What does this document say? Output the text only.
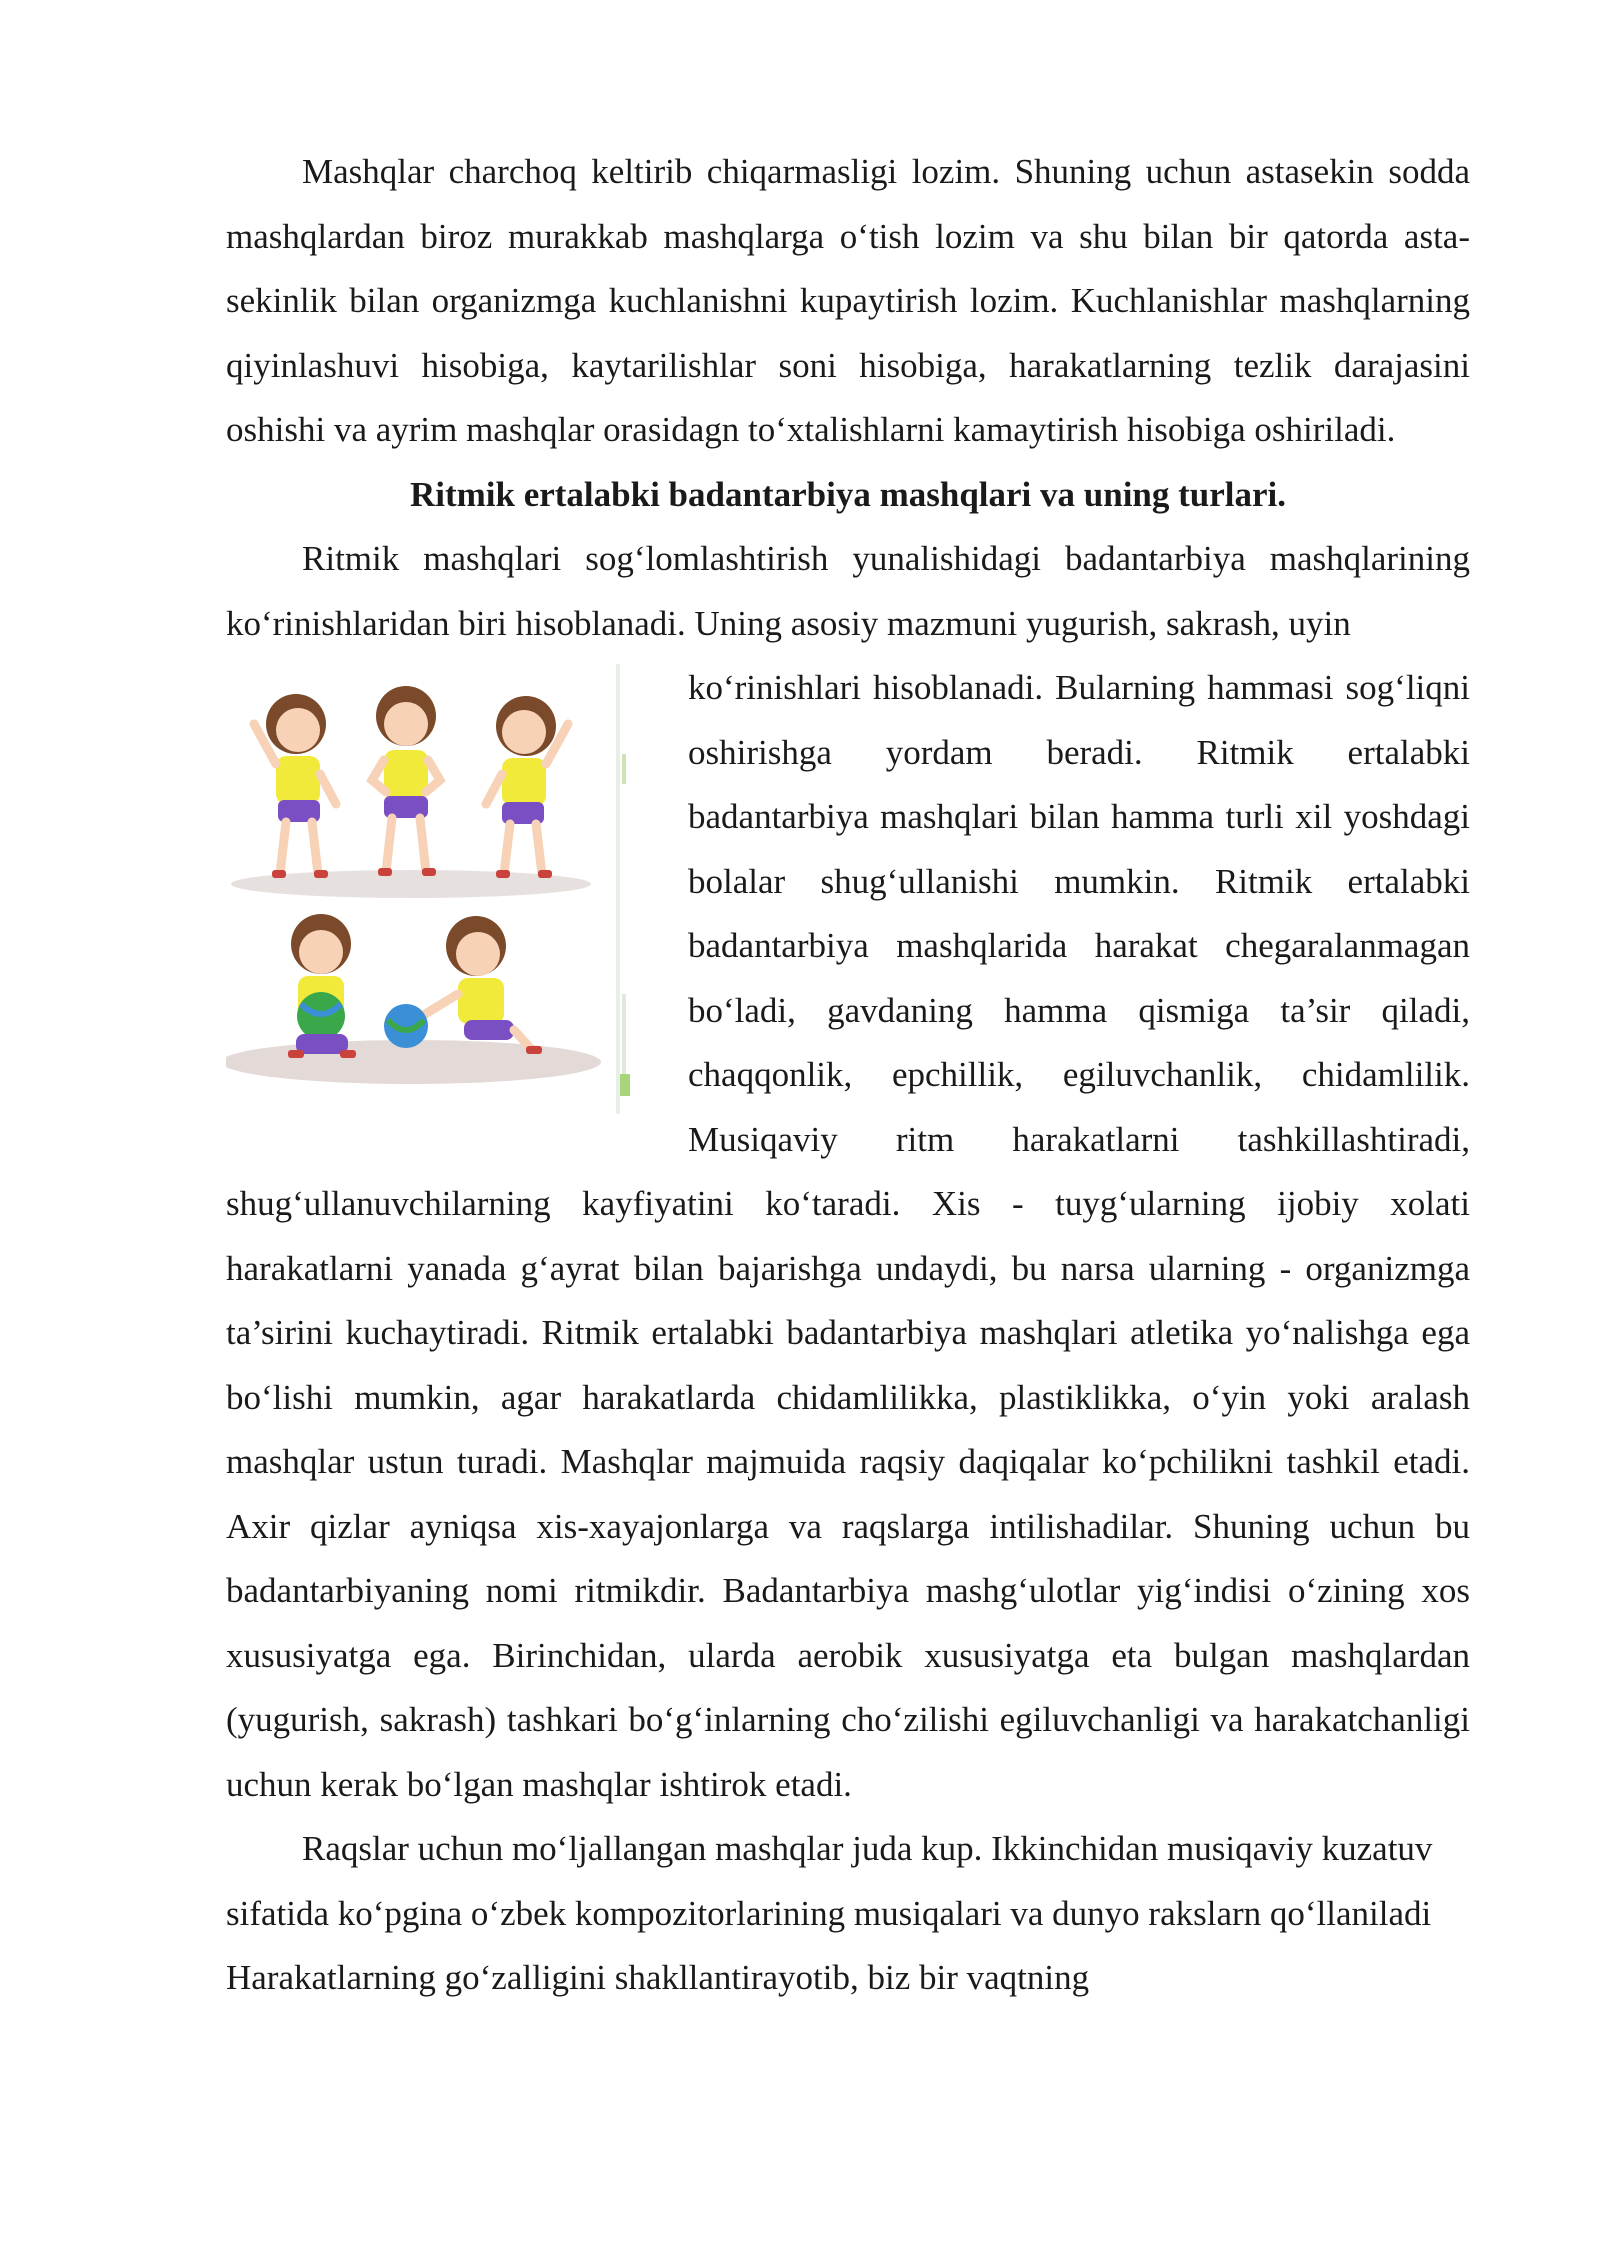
Mashqlar charchoq keltirib chiqarmasligi lozim. Shuning uchun astasekin sodda mashqlardan biroz murakkab mashqlarga o‘tish lozim va shu bilan bir qatorda asta-sekinlik bilan organizmga kuchlanishni kupaytirish lozim. Kuchlanishlar mashqlarning qiyinlashuvi hisobiga, kaytarilishlar soni hisobiga, harakatlarning tezlik darajasini oshishi va ayrim mashqlar orasidagn to‘xtalishlarni kamaytirish hisobiga oshiriladi.

Ritmik ertalabki badantarbiya mashqlari va uning turlari.

Ritmik mashqlari sog‘lomlashtirish yunalishidagi badantarbiya mashqlarining ko‘rinishlaridan biri hisoblanadi. Uning asosiy mazmuni yugurish, sakrash, uyin

ko‘rinishlari hisoblanadi. Bularning hammasi sog‘liqni oshirishga yordam beradi. Ritmik ertalabki badantarbiya mashqlari bilan hamma turli xil yoshdagi bolalar shug‘ullanishi mumkin. Ritmik ertalabki badantarbiya mashqlarida harakat chegaralanmagan bo‘ladi, gavdaning hamma qismiga ta’sir qiladi, chaqqonlik, epchillik, egiluvchanlik, chidamlilik. Musiqaviy ritm harakatlarni tashkillashtiradi, shug‘ullanuvchilarning kayfiyatini ko‘taradi. Xis - tuyg‘ularning ijobiy xolati harakatlarni yanada g‘ayrat bilan bajarishga undaydi, bu narsa ularning - organizmga ta’sirini kuchaytiradi. Ritmik ertalabki badantarbiya mashqlari atletika yo‘nalishga ega bo‘lishi mumkin, agar harakatlarda chidamlilikka, plastiklikka, o‘yin yoki aralash mashqlar ustun turadi. Mashqlar majmuida raqsiy daqiqalar ko‘pchilikni tashkil etadi. Axir qizlar ayniqsa xis-xayajonlarga va raqslarga intilishadilar. Shuning uchun bu badantarbiyaning nomi ritmikdir. Badantarbiya mashg‘ulotlar yig‘indisi o‘zining xos xususiyatga ega. Birinchidan, ularda aerobik xususiyatga eta bulgan mashqlardan (yugurish, sakrash) tashkari bo‘g‘inlarning cho‘zilishi egiluvchanligi va harakatchanligi uchun kerak bo‘lgan mashqlar ishtirok etadi.

Raqslar uchun mo‘ljallangan mashqlar juda kup. Ikkinchidan musiqaviy kuzatuv sifatida ko‘pgina o‘zbek kompozitorlarining musiqalari va dunyo rakslarn qo‘llaniladi Harakatlarning go‘zalligini shakllantirayotib, biz bir vaqtning
